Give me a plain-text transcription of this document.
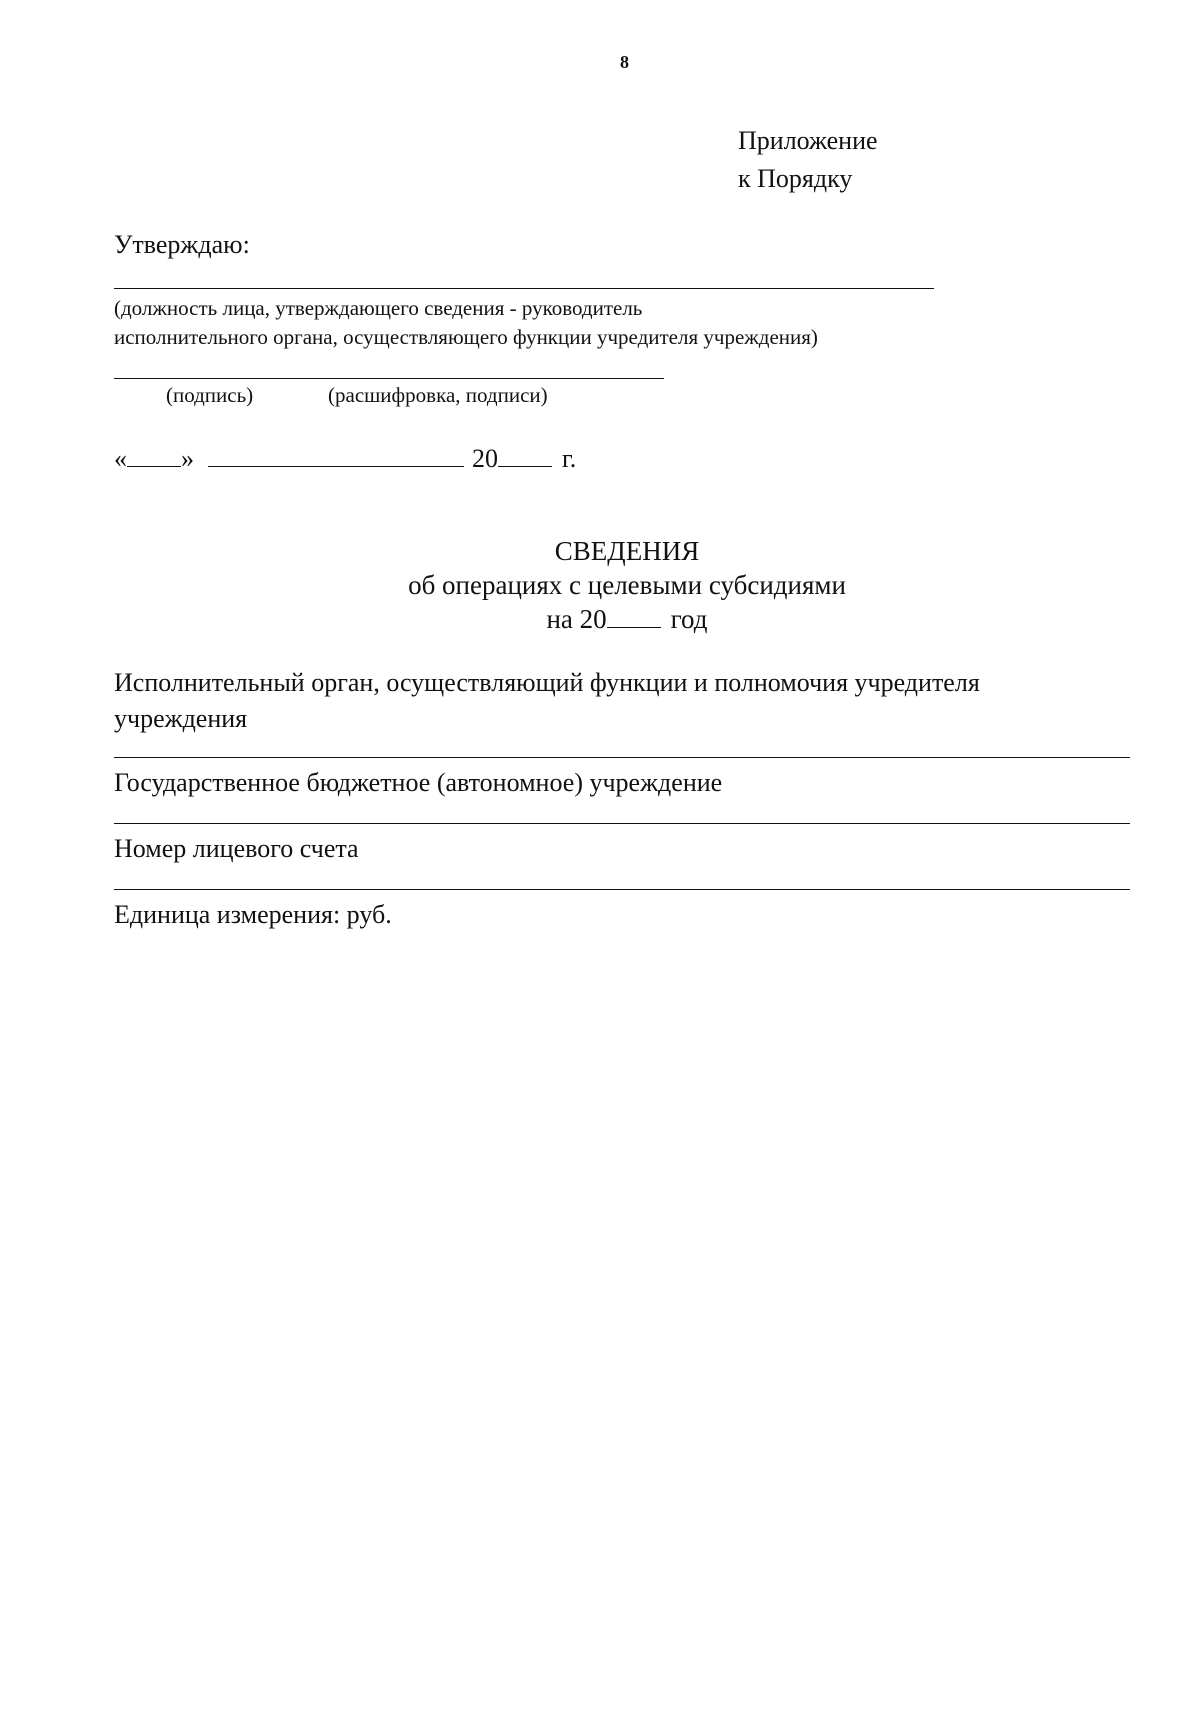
8
Приложение
к Порядку
Утверждаю:
(должность лица, утверждающего сведения - руководитель
исполнительного органа, осуществляющего функции учредителя учреждения)
(подпись)	(расшифровка, подписи)
« »	20 г.
СВЕДЕНИЯ
об операциях с целевыми субсидиями
на 20 год
Исполнительный орган, осуществляющий функции и полномочия учредителя
учреждения
Государственное бюджетное (автономное) учреждение
Номер лицевого счета
Единица измерения: руб.
